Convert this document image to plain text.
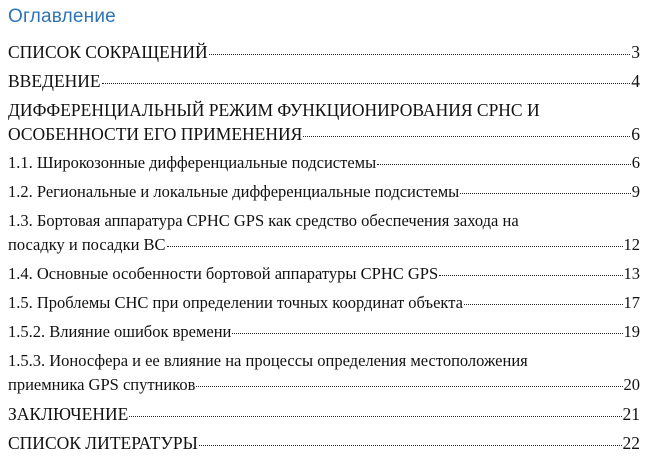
Оглавление
СПИСОК СОКРАЩЕНИЙ	3
ВВЕДЕНИЕ	4
ДИФФЕРЕНЦИАЛЬНЫЙ РЕЖИМ ФУНКЦИОНИРОВАНИЯ СРНС И
ОСОБЕННОСТИ ЕГО ПРИМЕНЕНИЯ	6
1.1. Широкозонные дифференциальные подсистемы	6
1.2. Региональные и локальные дифференциальные подсистемы	9
1.3. Бортовая аппаратура СРНС GPS как средство обеспечения захода на
посадку и посадки ВС	12
1.4. Основные особенности бортовой аппаратуры СРНС GPS	13
1.5. Проблемы СНС при определении точных координат объекта	17
1.5.2. Влияние ошибок времени	19
1.5.3. Ионосфера и ее влияние на процессы определения местоположения
приемника GPS спутников	20
ЗАКЛЮЧЕНИЕ	21
СПИСОК ЛИТЕРАТУРЫ	22
